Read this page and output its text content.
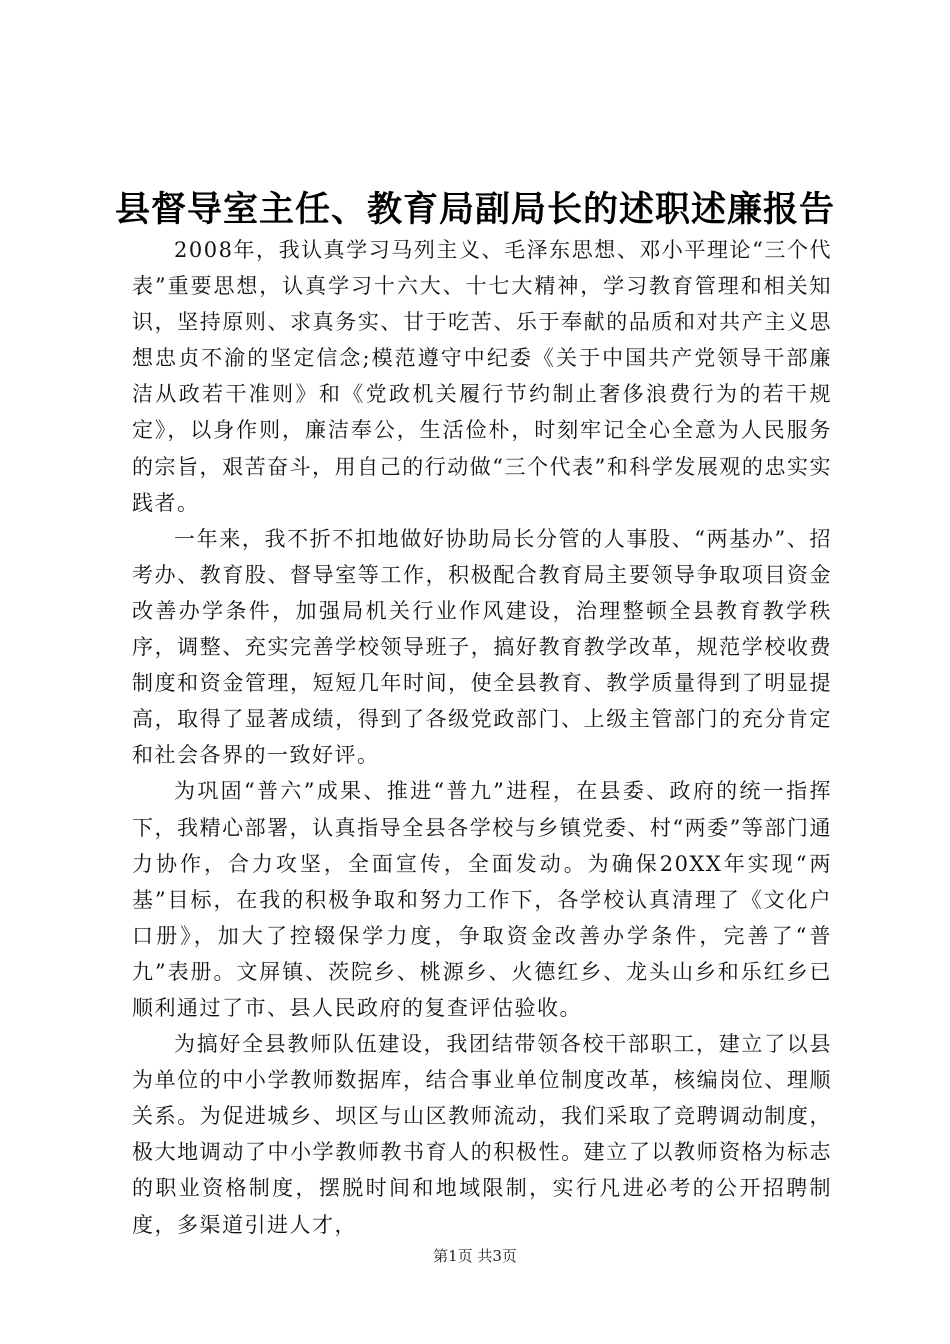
县督导室主任、教育局副局长的述职述廉报告

2008年，我认真学习马列主义、毛泽东思想、邓小平理论“三个代表”重要思想，认真学习十六大、十七大精神，学习教育管理和相关知识，坚持原则、求真务实、甘于吃苦、乐于奉献的品质和对共产主义思想忠贞不渝的坚定信念;模范遵守中纪委《关于中国共产党领导干部廉洁从政若干准则》和《党政机关履行节约制止奢侈浪费行为的若干规定》，以身作则，廉洁奉公，生活俭朴，时刻牢记全心全意为人民服务的宗旨，艰苦奋斗，用自己的行动做“三个代表”和科学发展观的忠实实践者。

一年来，我不折不扣地做好协助局长分管的人事股、“两基办”、招考办、教育股、督导室等工作，积极配合教育局主要领导争取项目资金改善办学条件，加强局机关行业作风建设，治理整顿全县教育教学秩序，调整、充实完善学校领导班子，搞好教育教学改革，规范学校收费制度和资金管理，短短几年时间，使全县教育、教学质量得到了明显提高，取得了显著成绩，得到了各级党政部门、上级主管部门的充分肯定和社会各界的一致好评。

为巩固“普六”成果、推进“普九”进程，在县委、政府的统一指挥下，我精心部署，认真指导全县各学校与乡镇党委、村“两委”等部门通力协作，合力攻坚，全面宣传，全面发动。为确保20XX年实现“两基”目标，在我的积极争取和努力工作下，各学校认真清理了《文化户口册》，加大了控辍保学力度，争取资金改善办学条件，完善了“普九”表册。文屏镇、茨院乡、桃源乡、火德红乡、龙头山乡和乐红乡已顺利通过了市、县人民政府的复查评估验收。

为搞好全县教师队伍建设，我团结带领各校干部职工，建立了以县为单位的中小学教师数据库，结合事业单位制度改革，核编岗位、理顺关系。为促进城乡、坝区与山区教师流动，我们采取了竞聘调动制度，极大地调动了中小学教师教书育人的积极性。建立了以教师资格为标志的职业资格制度，摆脱时间和地域限制，实行凡进必考的公开招聘制度，多渠道引进人才，

第1页 共3页
